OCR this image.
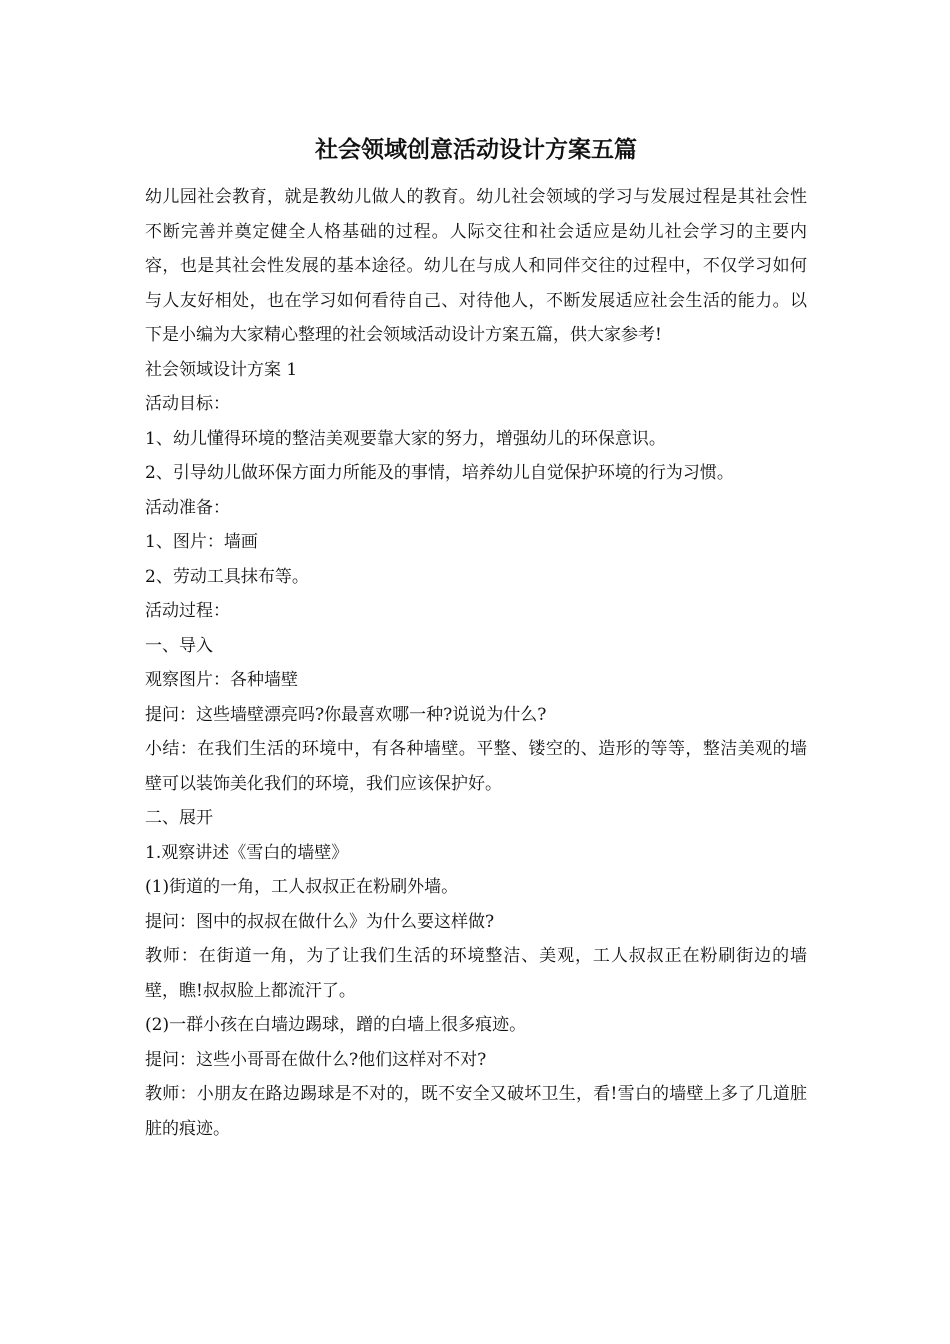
社会领域创意活动设计方案五篇

幼儿园社会教育，就是教幼儿做人的教育。幼儿社会领域的学习与发展过程是其社会性不断完善并奠定健全人格基础的过程。人际交往和社会适应是幼儿社会学习的主要内容，也是其社会性发展的基本途径。幼儿在与成人和同伴交往的过程中，不仅学习如何与人友好相处，也在学习如何看待自己、对待他人，不断发展适应社会生活的能力。以下是小编为大家精心整理的社会领域活动设计方案五篇，供大家参考!

社会领域设计方案 1

活动目标：

1、幼儿懂得环境的整洁美观要靠大家的努力，增强幼儿的环保意识。

2、引导幼儿做环保方面力所能及的事情，培养幼儿自觉保护环境的行为习惯。

活动准备：

1、图片：墙画

2、劳动工具抹布等。

活动过程：

一、导入

观察图片：各种墙壁

提问：这些墙壁漂亮吗?你最喜欢哪一种?说说为什么?

小结：在我们生活的环境中，有各种墙壁。平整、镂空的、造形的等等，整洁美观的墙壁可以装饰美化我们的环境，我们应该保护好。

二、展开

1.观察讲述《雪白的墙壁》

(1)街道的一角，工人叔叔正在粉刷外墙。

提问：图中的叔叔在做什么》为什么要这样做?

教师：在街道一角，为了让我们生活的环境整洁、美观，工人叔叔正在粉刷街边的墙壁，瞧!叔叔脸上都流汗了。

(2)一群小孩在白墙边踢球，蹭的白墙上很多痕迹。

提问：这些小哥哥在做什么?他们这样对不对?

教师：小朋友在路边踢球是不对的，既不安全又破坏卫生，看!雪白的墙壁上多了几道脏脏的痕迹。
